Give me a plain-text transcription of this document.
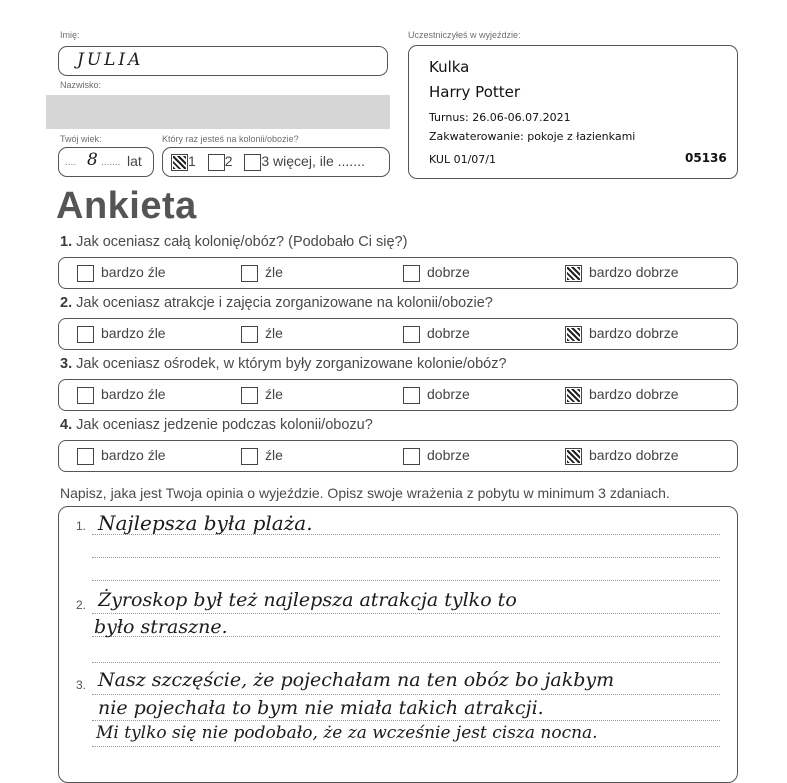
Imię:
JULIA
Nazwisko:
Twój wiek:
.... 8 ....... lat
Który raz jesteś na kolonii/obozie?
1 2 3 więcej, ile .......
Uczestniczyłeś w wyjeździe:
Kulka
Harry Potter
Turnus: 26.06-06.07.2021
Zakwaterowanie: pokoje z łazienkami
KUL 01/07/1	05136
Ankieta
1. Jak oceniasz całą kolonię/obóz? (Podobało Ci się?)
bardzo źle	źle	dobrze	bardzo dobrze
2. Jak oceniasz atrakcje i zajęcia zorganizowane na kolonii/obozie?
bardzo źle	źle	dobrze	bardzo dobrze
3. Jak oceniasz ośrodek, w którym były zorganizowane kolonie/obóz?
bardzo źle	źle	dobrze	bardzo dobrze
4. Jak oceniasz jedzenie podczas kolonii/obozu?
bardzo źle	źle	dobrze	bardzo dobrze
Napisz, jaka jest Twoja opinia o wyjeździe. Opisz swoje wrażenia z pobytu w minimum 3 zdaniach.
1. Najlepsza była plaża.
2. Żyroskop był też najlepsza atrakcja tylko to
było straszne.
3. Nasz szczęście, że pojechałam na ten obóz bo jakbym
nie pojechała to bym nie miała takich atrakcji.
Mi tylko się nie podobało, że za wcześnie jest cisza nocna.
